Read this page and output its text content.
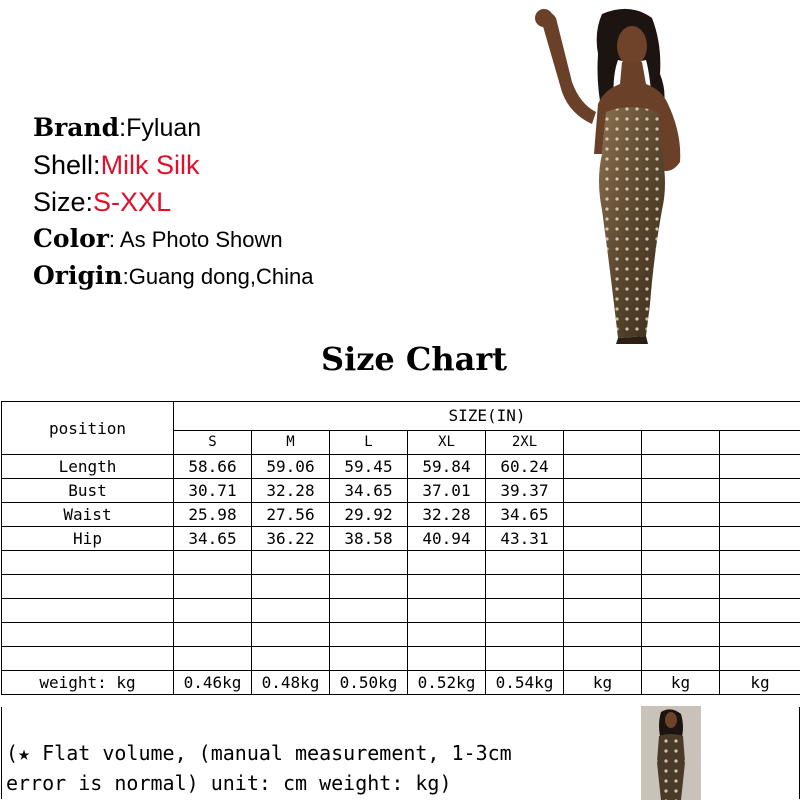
Brand:Fyluan
Shell:Milk Silk
Size:S-XXL
Color: As Photo Shown
Origin:Guang dong,China
Size Chart
position	SIZE(IN)							
	S	M	L	XL	2XL			
Length	58.66	59.06	59.45	59.84	60.24			
Bust	30.71	32.28	34.65	37.01	39.37			
Waist	25.98	27.56	29.92	32.28	34.65			
Hip	34.65	36.22	38.58	40.94	43.31			

weight: kg	0.46kg	0.48kg	0.50kg	0.52kg	0.54kg	kg	kg	kg
(★ Flat volume, (manual measurement, 1-3cm
error is normal) unit: cm weight: kg)
